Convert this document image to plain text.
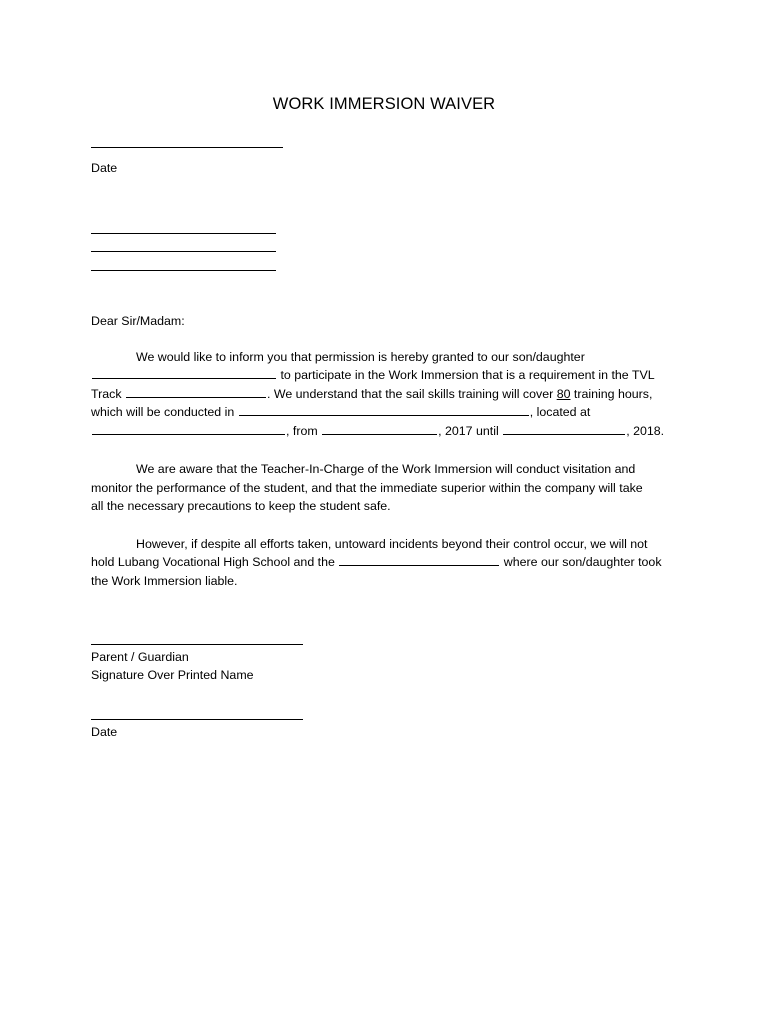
WORK IMMERSION WAIVER
Date
Dear Sir/Madam:
We would like to inform you that permission is hereby granted to our son/daughter
to participate in the Work Immersion that is a requirement in the TVL
Track	. We understand that the sail skills training will cover 80 training hours,
which will be conducted in	, located at
, from	, 2017 until	, 2018.
We are aware that the Teacher-In-Charge of the Work Immersion will conduct visitation and
monitor the performance of the student, and that the immediate superior within the company will take
all the necessary precautions to keep the student safe.
However, if despite all efforts taken, untoward incidents beyond their control occur, we will not
hold Lubang Vocational High School and the	where our son/daughter took
the Work Immersion liable.
Parent / Guardian
Signature Over Printed Name
Date
